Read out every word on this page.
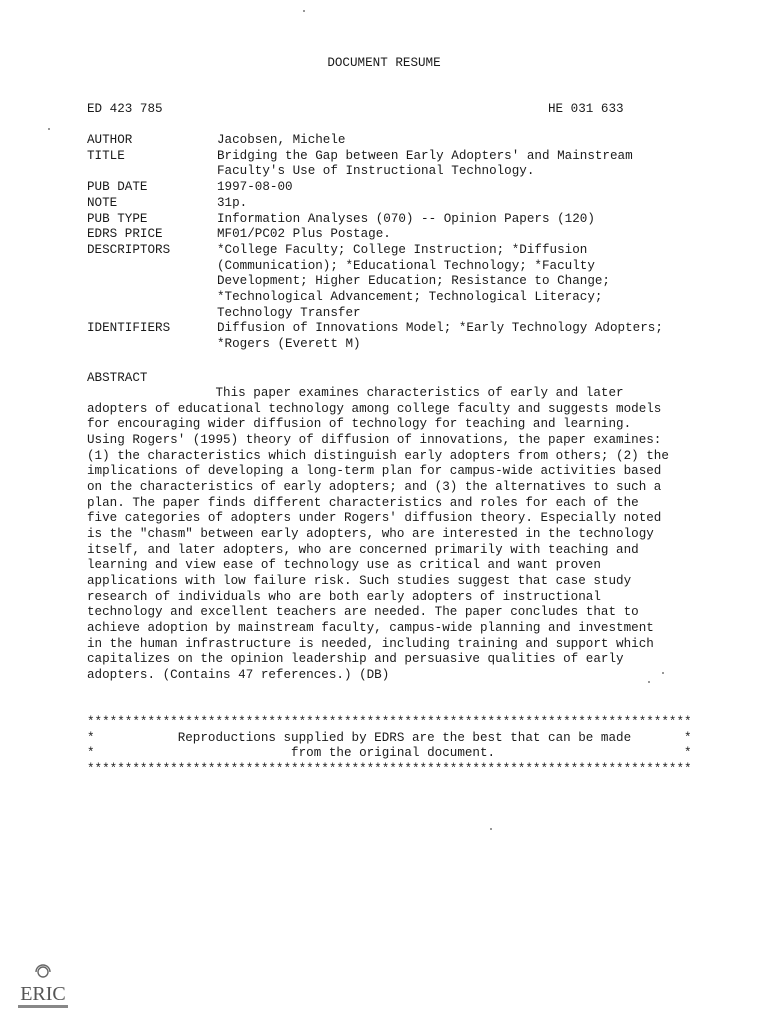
DOCUMENT RESUME
ED 423 785	HE 031 633
AUTHOR	Jacobsen, Michele
TITLE	Bridging the Gap between Early Adopters' and Mainstream
Faculty's Use of Instructional Technology.
PUB DATE	1997-08-00
NOTE	31p.
PUB TYPE	Information Analyses (070) -- Opinion Papers (120)
EDRS PRICE	MF01/PC02 Plus Postage.
DESCRIPTORS	*College Faculty; College Instruction; *Diffusion
(Communication); *Educational Technology; *Faculty
Development; Higher Education; Resistance to Change;
*Technological Advancement; Technological Literacy;
Technology Transfer
IDENTIFIERS	Diffusion of Innovations Model; *Early Technology Adopters;
*Rogers (Everett M)
ABSTRACT
This paper examines characteristics of early and later
adopters of educational technology among college faculty and suggests models
for encouraging wider diffusion of technology for teaching and learning.
Using Rogers' (1995) theory of diffusion of innovations, the paper examines:
(1) the characteristics which distinguish early adopters from others; (2) the
implications of developing a long-term plan for campus-wide activities based
on the characteristics of early adopters; and (3) the alternatives to such a
plan. The paper finds different characteristics and roles for each of the
five categories of adopters under Rogers' diffusion theory. Especially noted
is the "chasm" between early adopters, who are interested in the technology
itself, and later adopters, who are concerned primarily with teaching and
learning and view ease of technology use as critical and want proven
applications with low failure risk. Such studies suggest that case study
research of individuals who are both early adopters of instructional
technology and excellent teachers are needed. The paper concludes that to
achieve adoption by mainstream faculty, campus-wide planning and investment
in the human infrastructure is needed, including training and support which
capitalizes on the opinion leadership and persuasive qualities of early
adopters. (Contains 47 references.) (DB)
********************************************************************************
*           Reproductions supplied by EDRS are the best that can be made       *
*                          from the original document.                         *
********************************************************************************
ERIC
